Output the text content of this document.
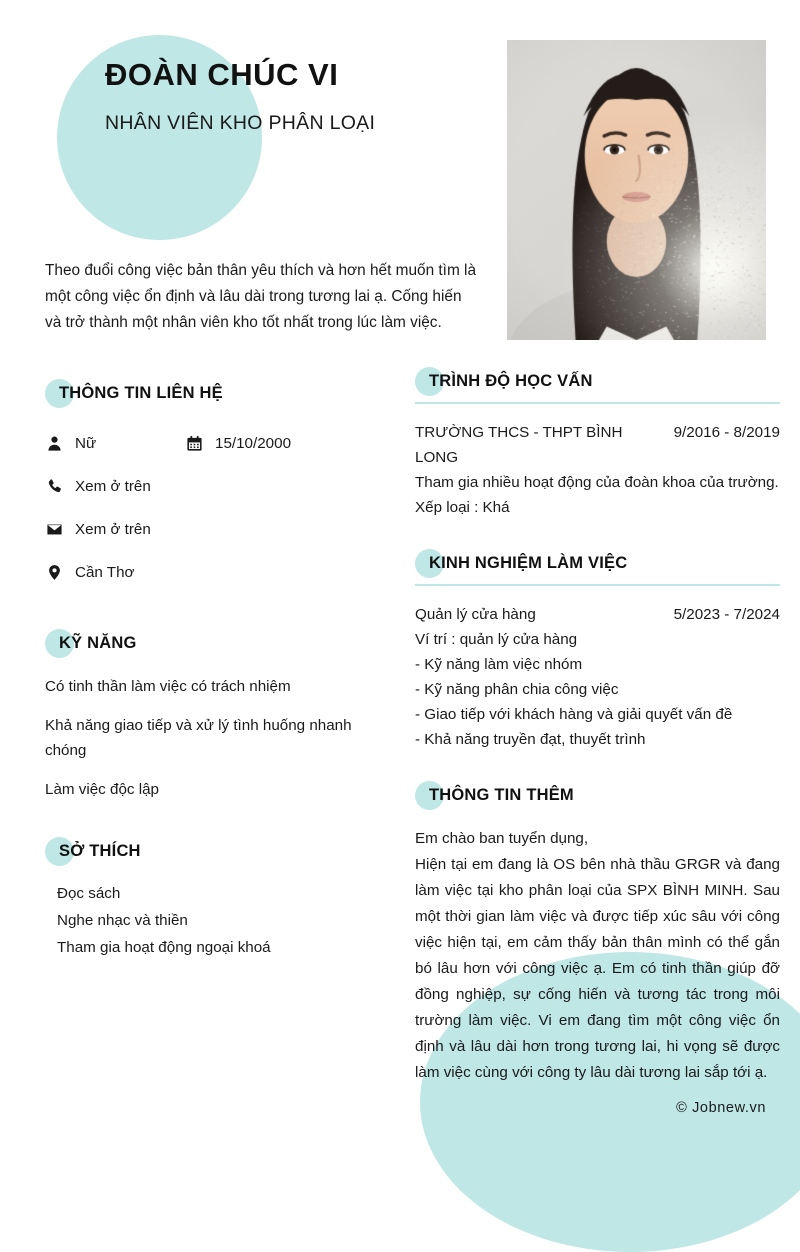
ĐOÀN CHÚC VI
NHÂN VIÊN KHO PHÂN LOẠI
Theo đuổi công việc bản thân yêu thích và hơn hết muốn tìm là một công việc ổn định và lâu dài trong tương lai ạ. Cống hiến và trở thành một nhân viên kho tốt nhất trong lúc làm việc.
THÔNG TIN LIÊN HỆ
Nữ	15/10/2000
Xem ở trên
Xem ở trên
Cần Thơ
KỸ NĂNG
Có tinh thần làm việc có trách nhiệm
Khả năng giao tiếp và xử lý tình huống nhanh chóng
Làm việc độc lập
SỞ THÍCH
Đọc sách
Nghe nhạc và thiền
Tham gia hoạt động ngoại khoá
TRÌNH ĐỘ HỌC VẤN
TRƯỜNG THCS - THPT BÌNH LONG
9/2016 - 8/2019
Tham gia nhiều hoạt động của đoàn khoa của trường.
Xếp loại : Khá
KINH NGHIỆM LÀM VIỆC
Quản lý cửa hàng	5/2023 - 7/2024
Ví trí : quản lý cửa hàng
- Kỹ năng làm việc nhóm
- Kỹ năng phân chia công việc
- Giao tiếp với khách hàng và giải quyết vấn đề
- Khả năng truyền đạt, thuyết trình
THÔNG TIN THÊM
Em chào ban tuyển dụng,
Hiện tại em đang là OS bên nhà thầu GRGR và đang làm việc tại kho phân loại của SPX BÌNH MINH. Sau một thời gian làm việc và được tiếp xúc sâu với công việc hiện tại, em cảm thấy bản thân mình có thể gắn bó lâu hơn với công việc ạ. Em có tinh thần giúp đỡ đồng nghiệp, sự cống hiến và tương tác trong môi trường làm việc. Vi em đang tìm một công việc ổn định và lâu dài hơn trong tương lai, hi vọng sẽ được làm việc cùng với công ty lâu dài tương lai sắp tới ạ.
© Jobnew.vn
